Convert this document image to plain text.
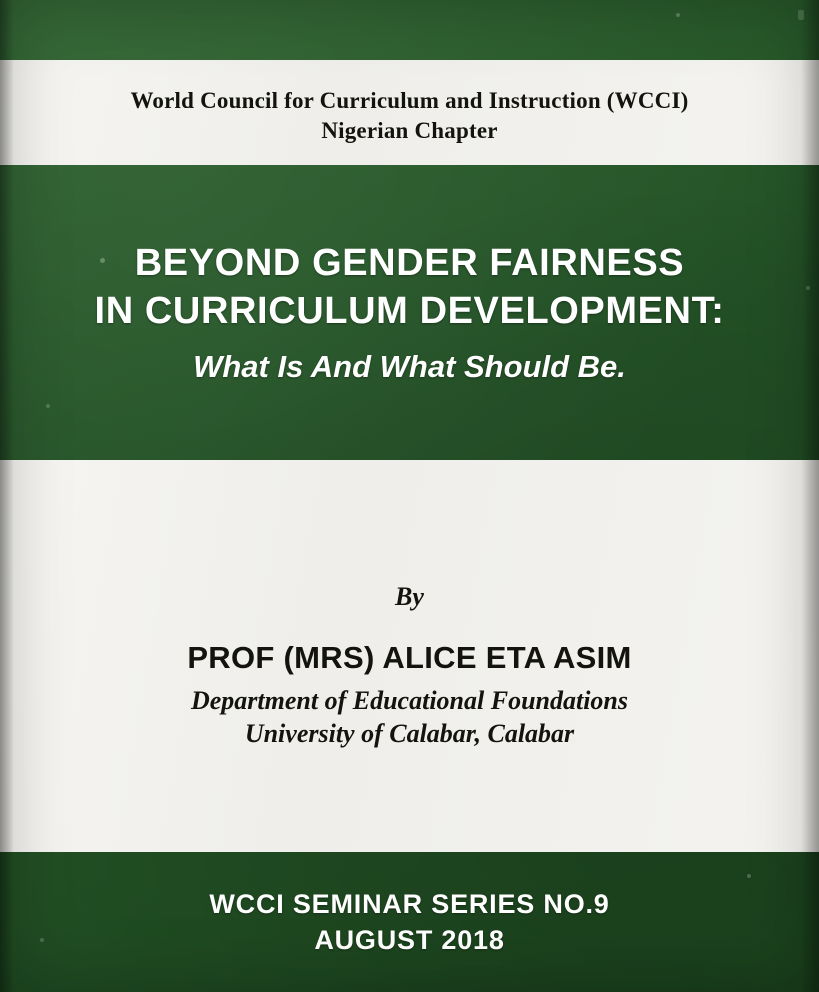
World Council for Curriculum and Instruction (WCCI)
Nigerian Chapter
BEYOND GENDER FAIRNESS
IN CURRICULUM DEVELOPMENT:
What Is And What Should Be.
By
PROF (MRS) ALICE ETA ASIM
Department of Educational Foundations
University of Calabar, Calabar
WCCI SEMINAR SERIES NO.9
AUGUST 2018
